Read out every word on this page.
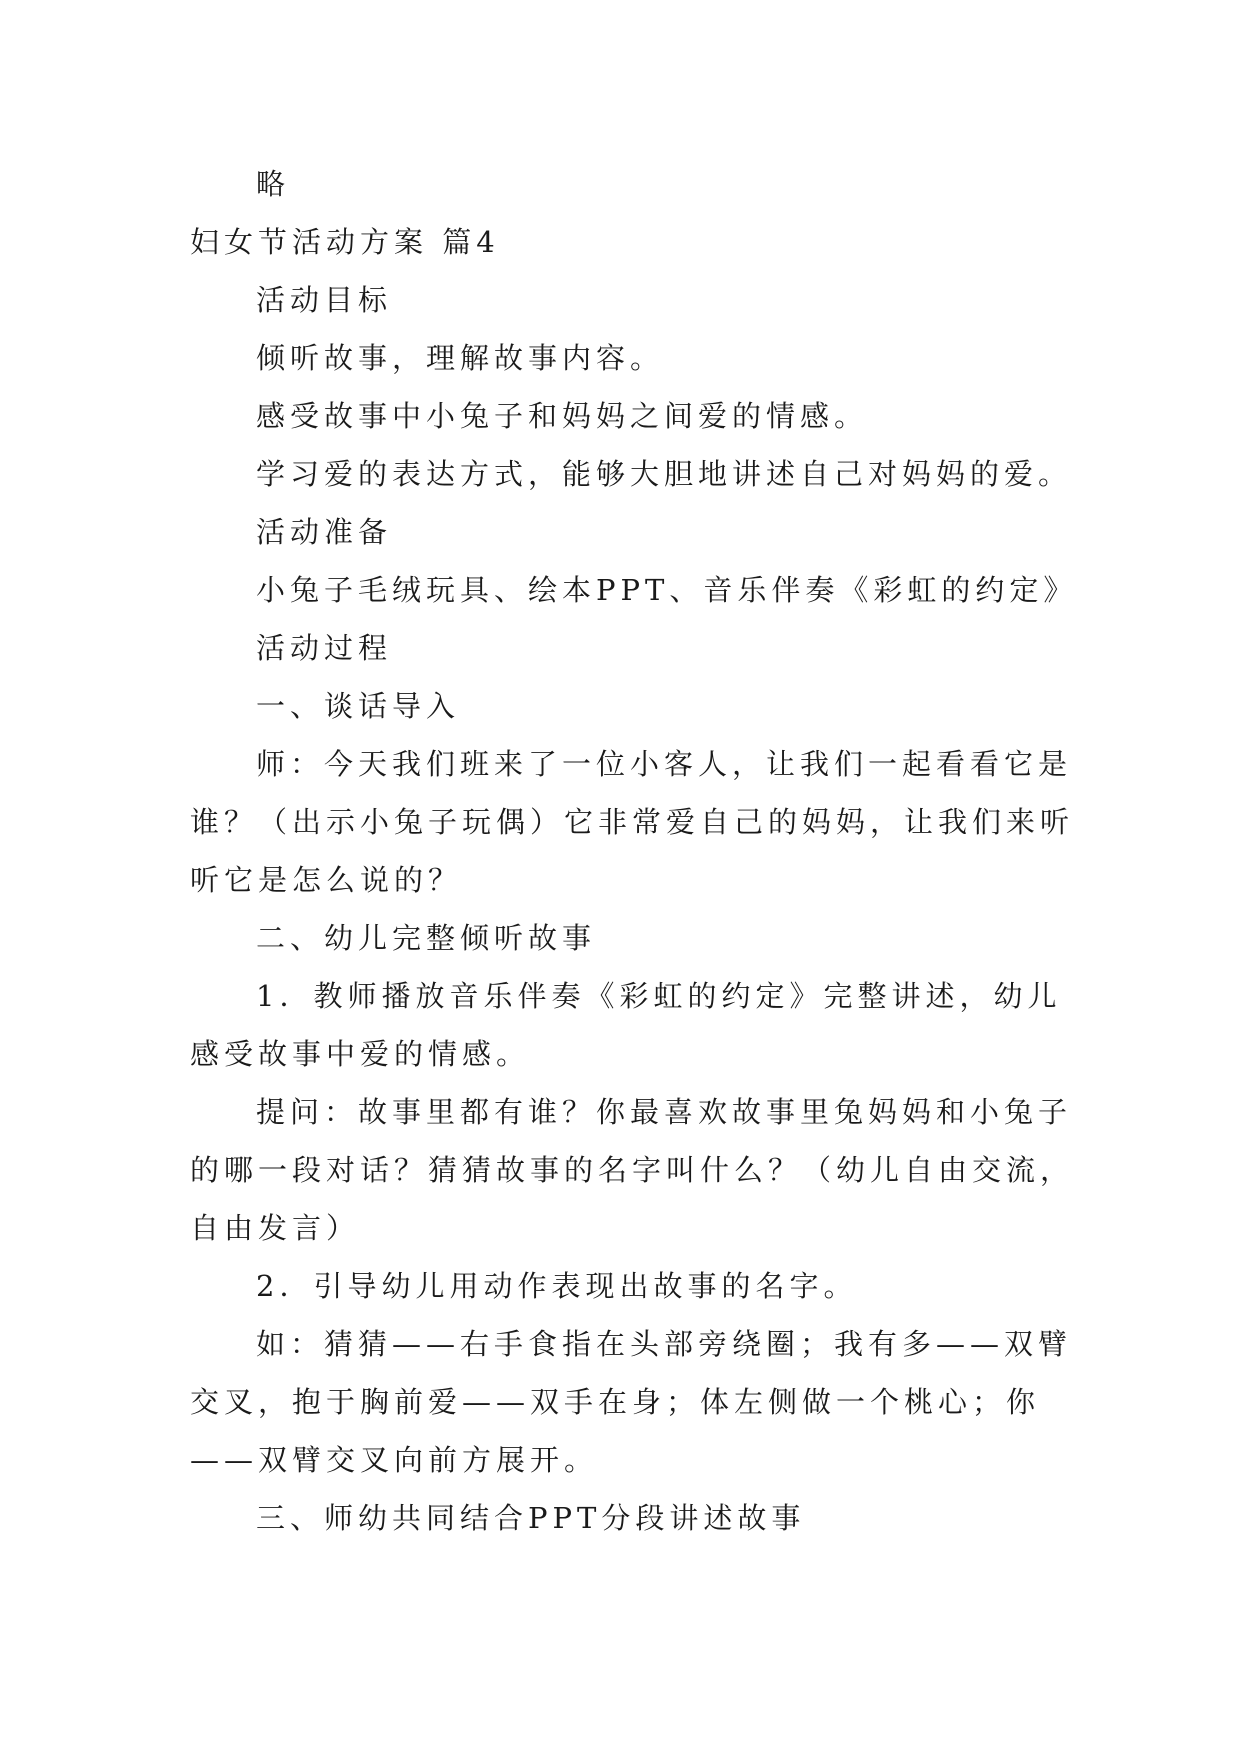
略
妇女节活动方案 篇4
活动目标
倾听故事，理解故事内容。
感受故事中小兔子和妈妈之间爱的情感。
学习爱的表达方式，能够大胆地讲述自己对妈妈的爱。
活动准备
小兔子毛绒玩具、绘本PPT、音乐伴奏《彩虹的约定》
活动过程
一、谈话导入
师：今天我们班来了一位小客人，让我们一起看看它是
谁？（出示小兔子玩偶）它非常爱自己的妈妈，让我们来听
听它是怎么说的？
二、幼儿完整倾听故事
1．教师播放音乐伴奏《彩虹的约定》完整讲述，幼儿
感受故事中爱的情感。
提问：故事里都有谁？你最喜欢故事里兔妈妈和小兔子
的哪一段对话？猜猜故事的名字叫什么？（幼儿自由交流，
自由发言）
2．引导幼儿用动作表现出故事的名字。
如：猜猜——右手食指在头部旁绕圈；我有多——双臂
交叉，抱于胸前爱——双手在身；体左侧做一个桃心；你
——双臂交叉向前方展开。
三、师幼共同结合PPT分段讲述故事
